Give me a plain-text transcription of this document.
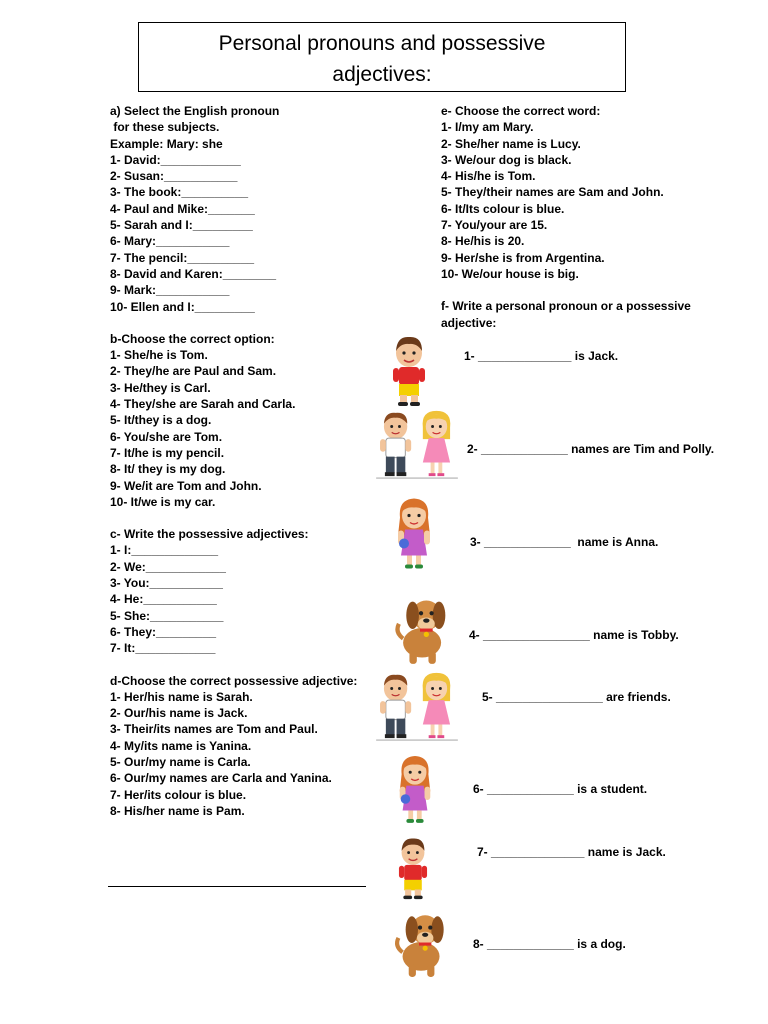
Personal pronouns and possessive
adjectives:
a) Select the English pronoun
for these subjects.
Example: Mary: she
1- David:____________
2- Susan:___________
3- The book:__________
4- Paul and Mike:_______
5- Sarah and I:_________
6- Mary:___________
7- The pencil:__________
8- David and Karen:________
9- Mark:___________
10- Ellen and I:_________
b-Choose the correct option:
1- She/he is Tom.
2- They/he are Paul and Sam.
3- He/they is Carl.
4- They/she are Sarah and Carla.
5- It/they is a dog.
6- You/she are Tom.
7- It/he is my pencil.
8- It/ they is my dog.
9- We/it are Tom and John.
10- It/we is my car.
c- Write the possessive adjectives:
1- I:_____________
2- We:____________
3- You:___________
4- He:___________
5- She:___________
6- They:_________
7- It:____________
d-Choose the correct possessive adjective:
1- Her/his name is Sarah.
2- Our/his name is Jack.
3- Their/its names are Tom and Paul.
4- My/its name is Yanina.
5- Our/my name is Carla.
6- Our/my names are Carla and Yanina.
7- Her/its colour is blue.
8- His/her name is Pam.
e- Choose the correct word:
1- I/my am Mary.
2- She/her name is Lucy.
3- We/our dog is black.
4- His/he is Tom.
5- They/their names are Sam and John.
6- It/Its colour is blue.
7- You/your are 15.
8- He/his is 20.
9- Her/she is from Argentina.
10- We/our house is big.
f- Write a personal pronoun or a possessive
adjective:
1- ______________ is Jack.
2- _____________ names are Tim and Polly.
3- _____________  name is Anna.
4- ________________ name is Tobby.
5- ________________ are friends.
6- _____________ is a student.
7- ______________ name is Jack.
8- _____________ is a dog.
